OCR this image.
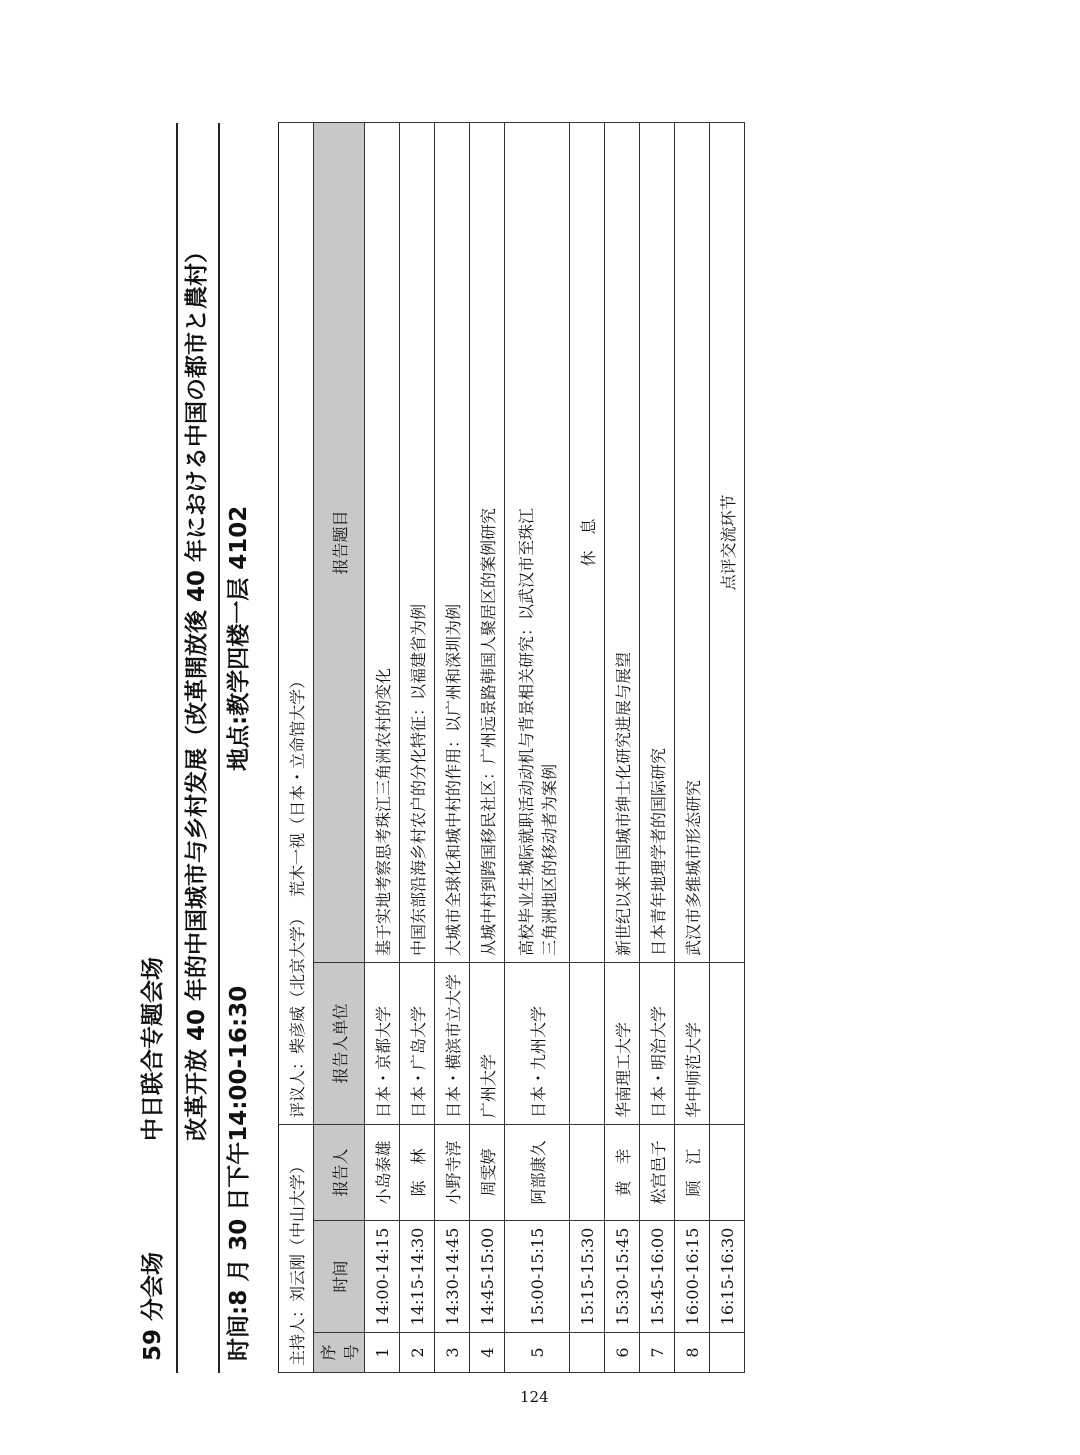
59 分会场
中日联合专题会场 改革开放 40 年的中国城市与乡村发展（改革開放後 40 年における中国の都市と農村）
时间:8 月 30 日下午14:00-16:30
地点:教学四楼一层 4102
主持人：刘云刚（中山大学）			评议人：柴彦威（北京大学） 荒木一视（日本・立命馆大学）	
序号	时间	报告人	报告人单位	报告题目
1	14:00-14:15	小岛泰雄	日本・京都大学	基于实地考察思考珠江三角洲农村的变化
2	14:15-14:30	陈　林	日本・广岛大学	中国东部沿海乡村农户的分化特征：以福建省为例
3	14:30-14:45	小野寺淳	日本・横滨市立大学	大城市全球化和城中村的作用：以广州和深圳为例
4	14:45-15:00	周雯婷	广州大学	从城中村到跨国移民社区：广州远景路韩国人聚居区的案例研究
5	15:00-15:15	阿部康久	日本・九州大学	高校毕业生城际就职活动动机与背景相关研究：以武汉市至珠江 三角洲地区的移动者为案例

	15:15-15:30			休　息
6	15:30-15:45	黄　幸	华南理工大学	新世纪以来中国城市绅士化研究进展与展望
7	15:45-16:00	松宫邑子	日本・明治大学	日本青年地理学者的国际研究
8	16:00-16:15	顾　江	华中师范大学	武汉市多维城市形态研究
	16:15-16:30			点评交流环节
124
